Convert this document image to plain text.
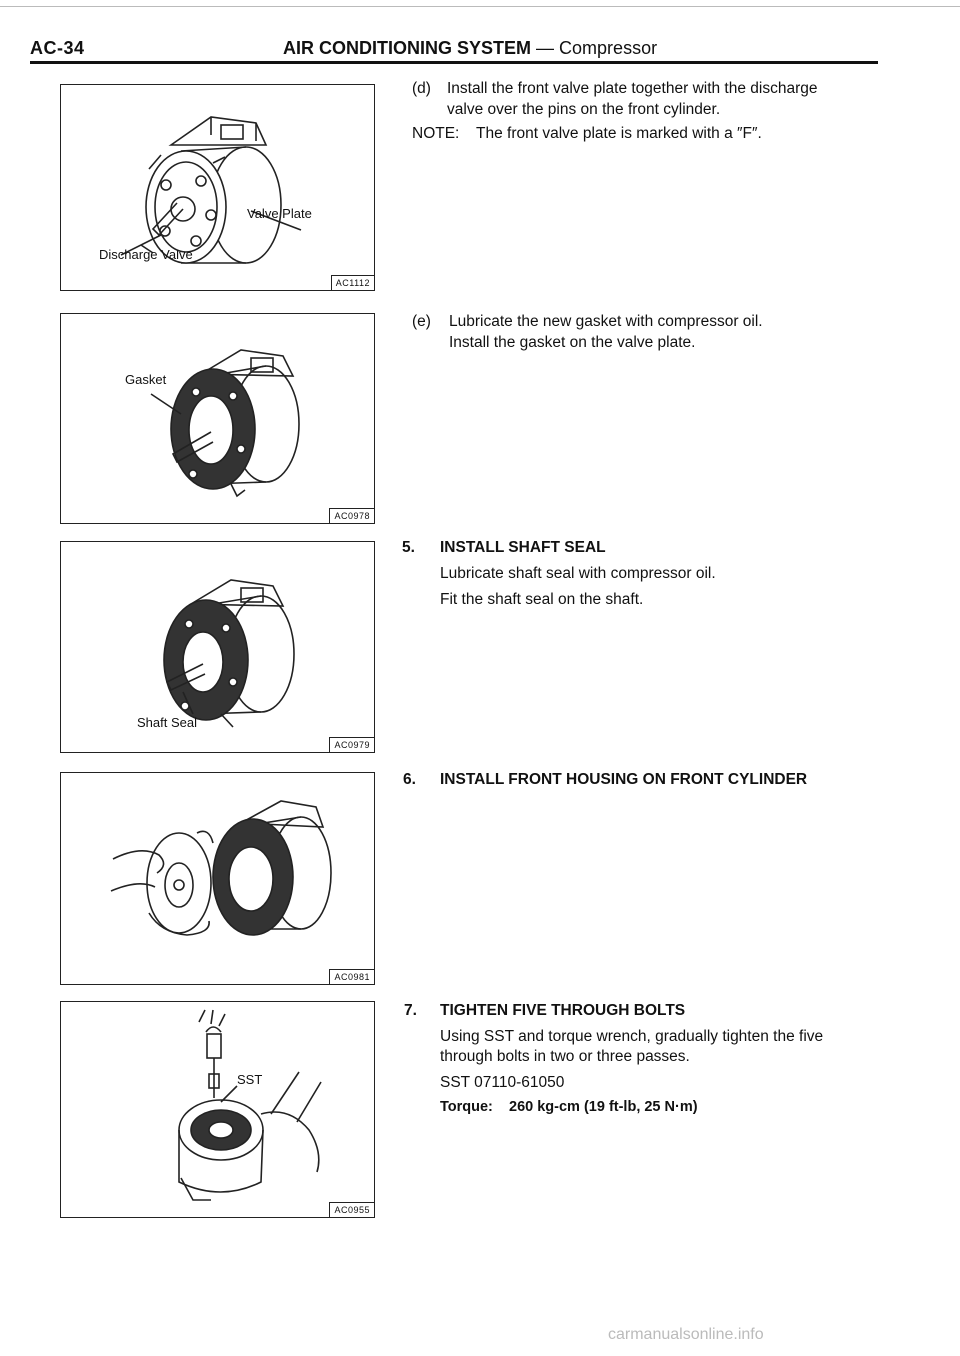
AC-34	AIR CONDITIONING SYSTEM — Compressor
Valve Plate
Discharge Valve
AC1112
Gasket
AC0978
Shaft Seal
AC0979
AC0981
SST
AC0955
(d) Install the front valve plate together with the discharge
valve over the pins on the front cylinder.
NOTE: The front valve plate is marked with a ″F″.
(e) Lubricate the new gasket with compressor oil.
Install the gasket on the valve plate.
5. INSTALL SHAFT SEAL
Lubricate shaft seal with compressor oil.
Fit the shaft seal on the shaft.
6. INSTALL FRONT HOUSING ON FRONT CYLINDER
7. TIGHTEN FIVE THROUGH BOLTS
Using SST and torque wrench, gradually tighten the five
through bolts in two or three passes.
SST 07110-61050
Torque: 260 kg-cm (19 ft-lb, 25 N·m)
carmanualsonline.info
